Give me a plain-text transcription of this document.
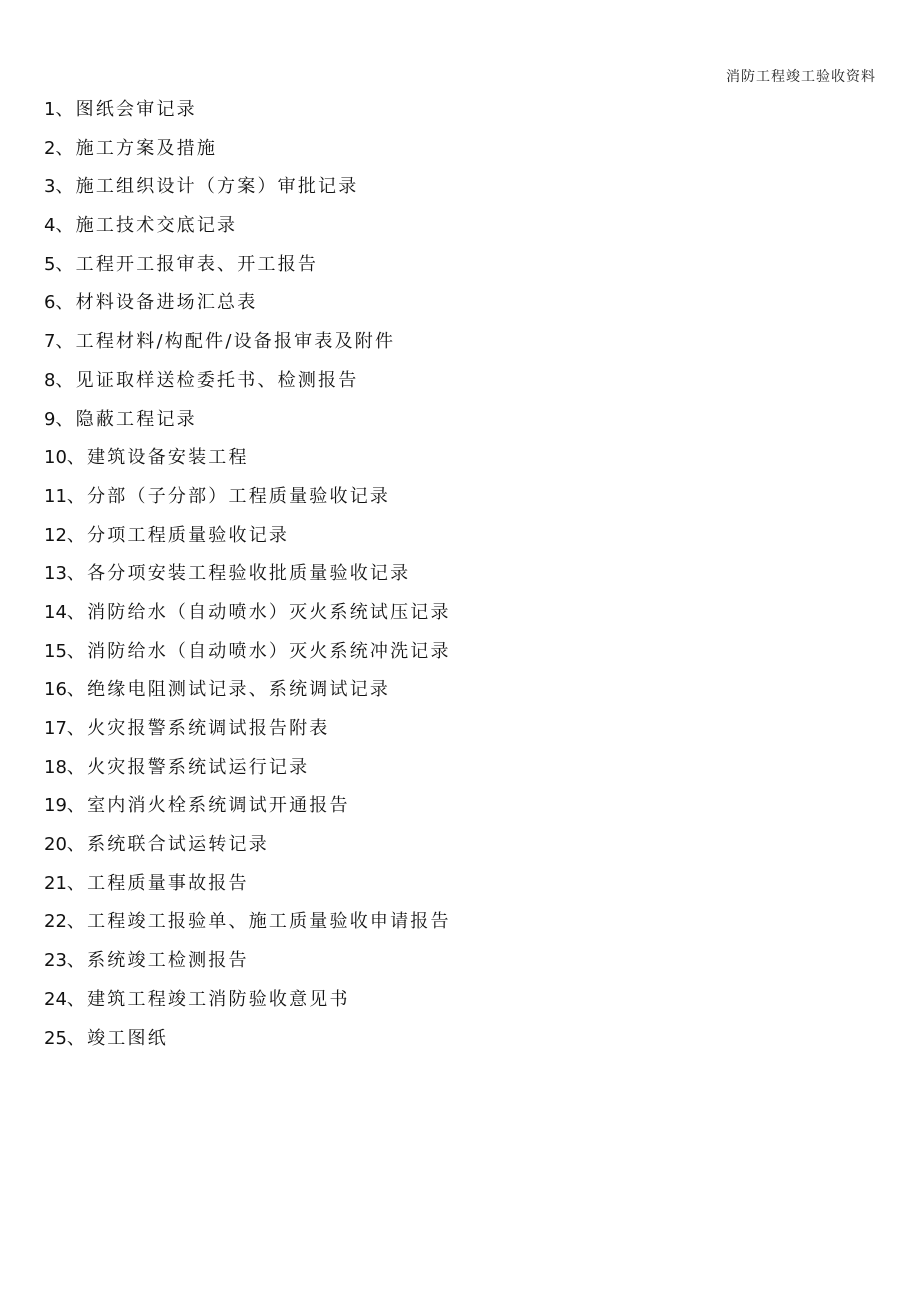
消防工程竣工验收资料
1、图纸会审记录
2、施工方案及措施
3、施工组织设计（方案）审批记录
4、施工技术交底记录
5、工程开工报审表、开工报告
6、材料设备进场汇总表
7、工程材料/构配件/设备报审表及附件
8、见证取样送检委托书、检测报告
9、隐蔽工程记录
10、建筑设备安装工程
11、分部（子分部）工程质量验收记录
12、分项工程质量验收记录
13、各分项安装工程验收批质量验收记录
14、消防给水（自动喷水）灭火系统试压记录
15、消防给水（自动喷水）灭火系统冲洗记录
16、绝缘电阻测试记录、系统调试记录
17、火灾报警系统调试报告附表
18、火灾报警系统试运行记录
19、室内消火栓系统调试开通报告
20、系统联合试运转记录
21、工程质量事故报告
22、工程竣工报验单、施工质量验收申请报告
23、系统竣工检测报告
24、建筑工程竣工消防验收意见书
25、竣工图纸
